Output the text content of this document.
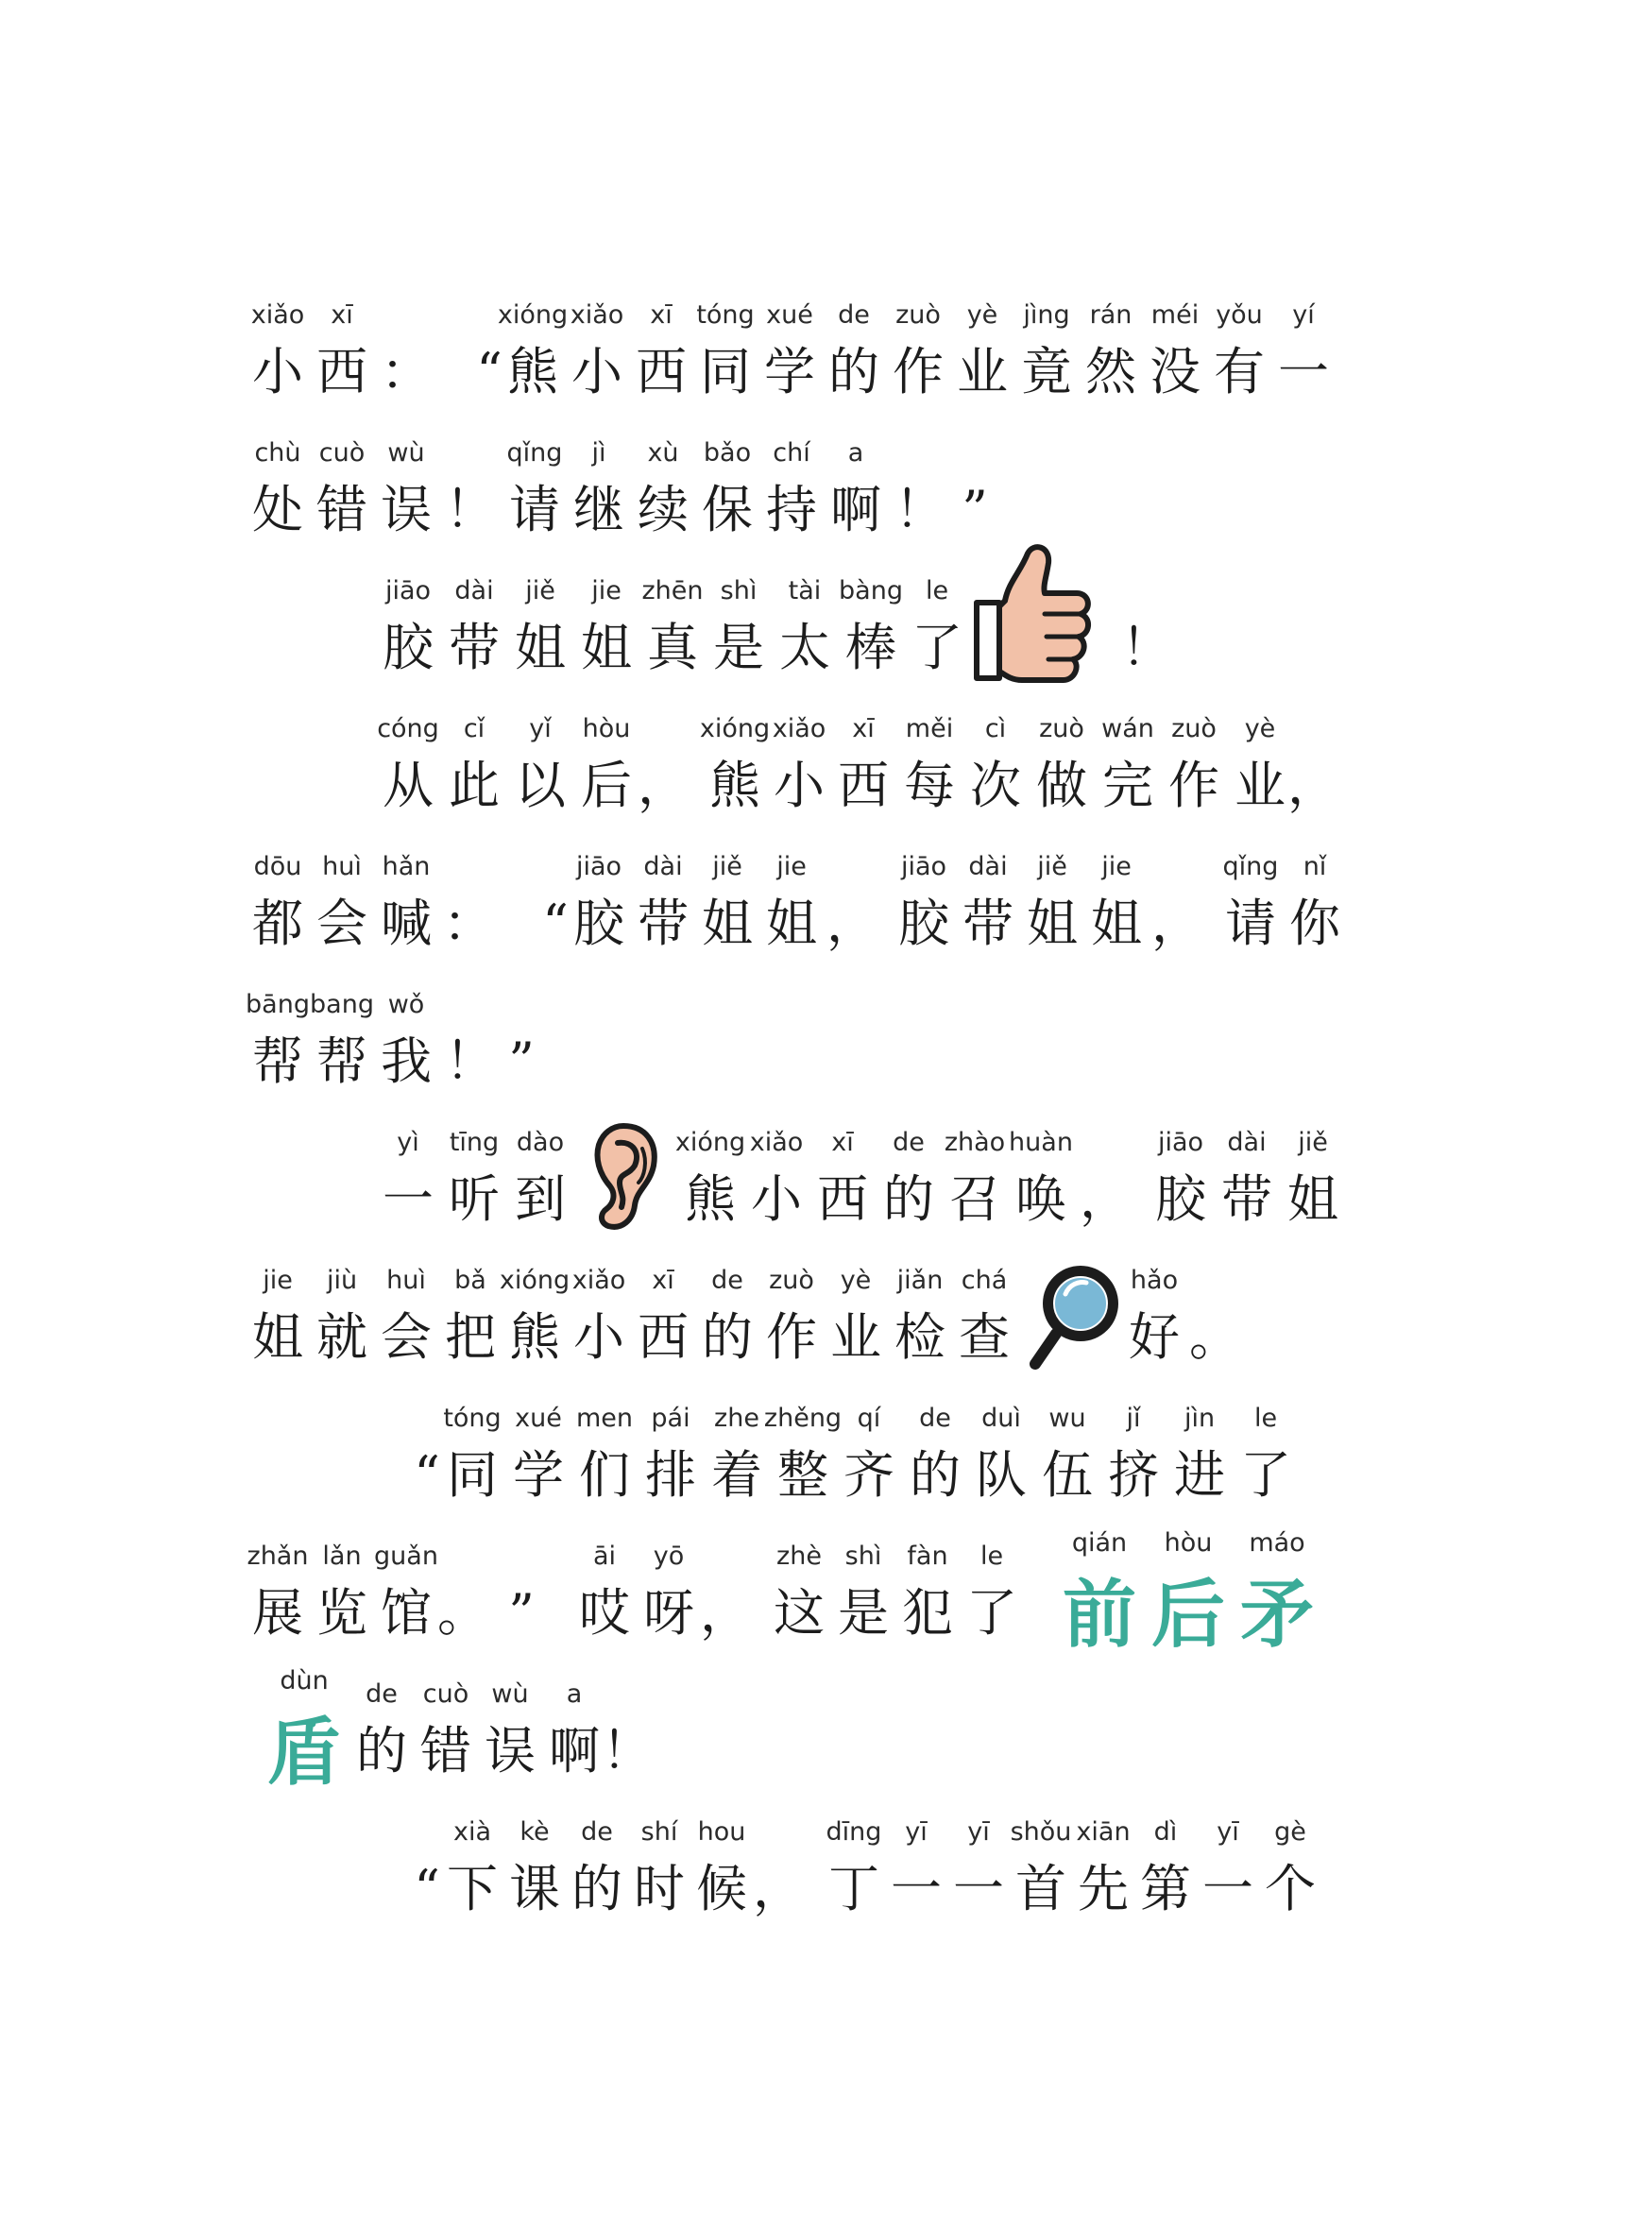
xiǎo
小
xī
西 ： “
xióng
熊
xiǎo
小
xī
西
tóng
同
xué
学
de
的
zuò
作
yè
业
jìng
竟
rán
然
méi
没
yǒu
有
yí
一
chù
处
cuò
错
wù
误 ！
qǐng
请
jì
继
xù
续
bǎo
保
chí
持
a
啊 ！ ”
jiāo
胶
dài
带
jiě
姐
jie
姐
zhēn
真
shì
是
tài
太
bàng
棒
le
了	！
cóng
从
cǐ
此
yǐ
以
hòu
后 ，
xióng
熊
xiǎo
小
xī
西
měi
每
cì
次
zuò
做
wán
完
zuò
作
yè
业 ，
dōu
都
huì
会
hǎn
喊 ： “
jiāo
胶
dài
带
jiě
姐
jie
姐 ，
jiāo
胶
dài
带
jiě
姐
jie
姐 ，
qǐng
请
nǐ
你
bāng
帮
bang
帮
wǒ
我 ！ ”
yì
一
tīng
听
dào
到
xióng
熊
xiǎo
小
xī
西
de
的
zhào
召
huàn
唤 ，
jiāo
胶
dài
带
jiě
姐
jie
姐
jiù
就
huì
会
bǎ
把
xióng
熊
xiǎo
小
xī
西
de
的
zuò
作
yè
业
jiǎn
检
chá
查
hǎo
好 。
“
tóng
同
xué
学
men
们
pái
排
zhe
着
zhěng
整
qí
齐
de
的
duì
队
wu
伍
jǐ
挤
jìn
进
le
了
zhǎn
展
lǎn
览
guǎn
馆 。 ”
āi
哎
yō
呀 ，
zhè
这
shì
是
fàn
犯
le
了
qián
前
hòu
后
máo
矛
dùn
盾
de
的
cuò
错
wù
误
a
啊 ！
“
xià
下
kè
课
de
的
shí
时
hou
候 ，
dīng
丁
yī
一
yī
一
shǒu
首
xiān
先
dì
第
yī
一
gè
个
